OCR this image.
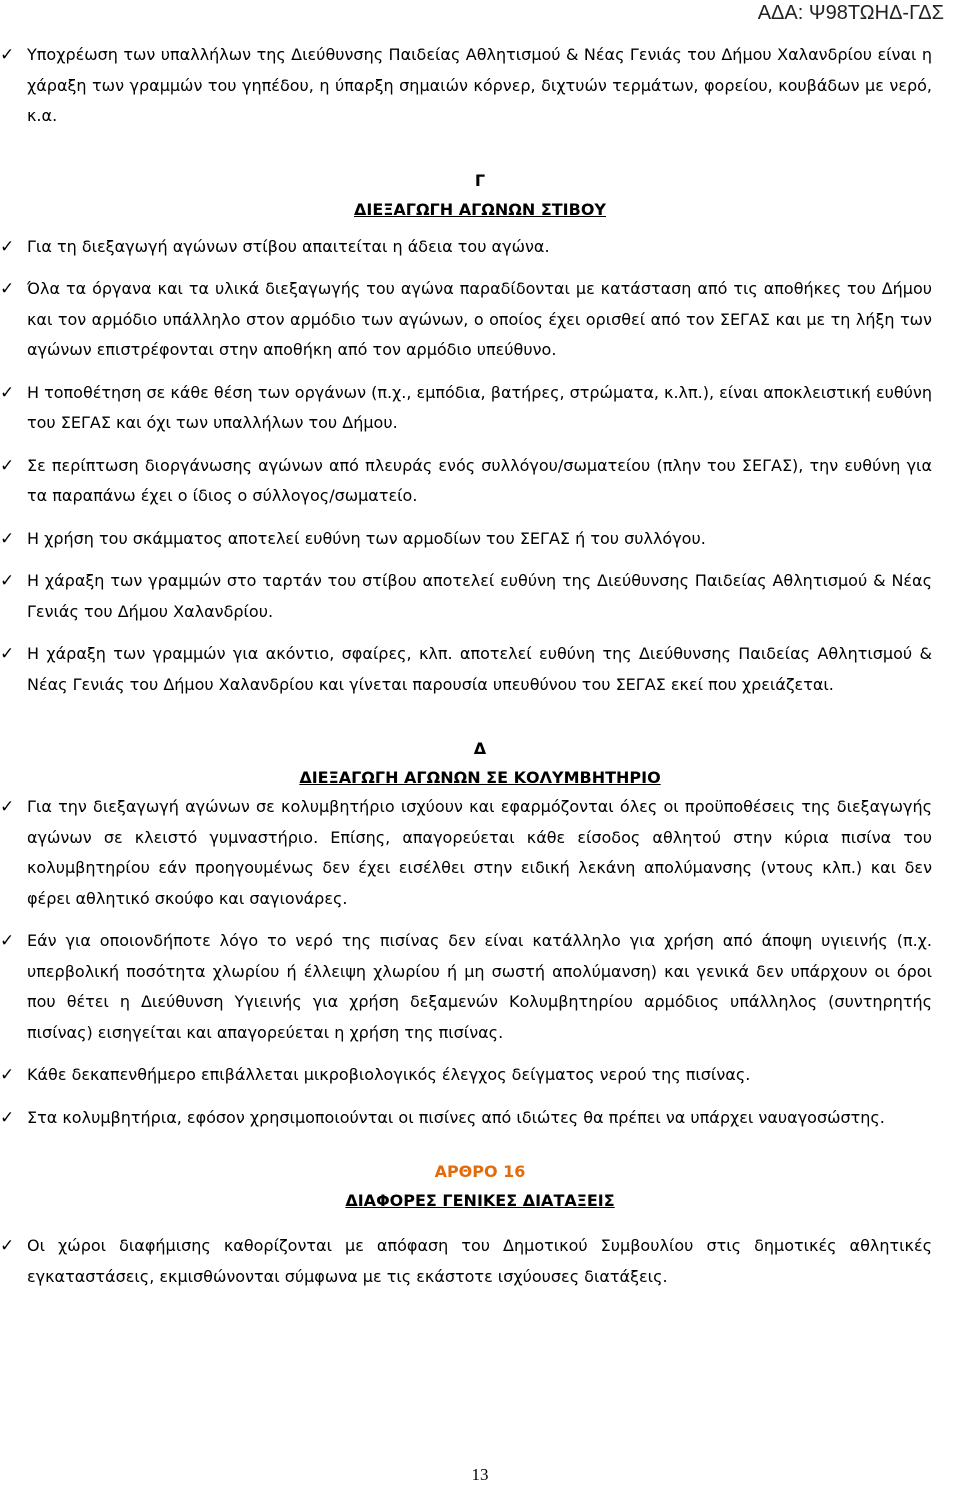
ΑΔΑ: Ψ98ΤΩΗΔ-ΓΔΣ
✓ Υποχρέωση των υπαλλήλων της Διεύθυνσης Παιδείας Αθλητισμού & Νέας Γενιάς του Δήμου Χαλανδρίου είναι η χάραξη των γραμμών του γηπέδου, η ύπαρξη σημαιών κόρνερ, διχτυών τερμάτων, φορείου, κουβάδων με νερό, κ.α.
Γ
ΔΙΕΞΑΓΩΓΗ ΑΓΩΝΩΝ ΣΤΙΒΟΥ
✓ Για τη διεξαγωγή αγώνων στίβου απαιτείται η άδεια του αγώνα.
✓ Όλα τα όργανα και τα υλικά διεξαγωγής του αγώνα παραδίδονται με κατάσταση από τις αποθήκες του Δήμου και τον αρμόδιο υπάλληλο στον αρμόδιο των αγώνων, ο οποίος έχει ορισθεί από τον ΣΕΓΑΣ και με τη λήξη των αγώνων επιστρέφονται στην αποθήκη από τον αρμόδιο υπεύθυνο.
✓ Η τοποθέτηση σε κάθε θέση των οργάνων (π.χ., εμπόδια, βατήρες, στρώματα, κ.λπ.), είναι αποκλειστική ευθύνη του ΣΕΓΑΣ και όχι των υπαλλήλων του Δήμου.
✓ Σε περίπτωση διοργάνωσης αγώνων από πλευράς ενός συλλόγου/σωματείου (πλην του ΣΕΓΑΣ), την ευθύνη για τα παραπάνω έχει ο ίδιος ο σύλλογος/σωματείο.
✓ Η χρήση του σκάμματος αποτελεί ευθύνη των αρμοδίων του ΣΕΓΑΣ ή του συλλόγου.
✓ Η χάραξη των γραμμών στο ταρτάν του στίβου αποτελεί ευθύνη της Διεύθυνσης Παιδείας Αθλητισμού & Νέας Γενιάς του Δήμου Χαλανδρίου.
✓ Η χάραξη των γραμμών για ακόντιο, σφαίρες, κλπ. αποτελεί ευθύνη της Διεύθυνσης Παιδείας Αθλητισμού & Νέας Γενιάς του Δήμου Χαλανδρίου και γίνεται παρουσία υπευθύνου του ΣΕΓΑΣ εκεί που χρειάζεται.
Δ
ΔΙΕΞΑΓΩΓΗ ΑΓΩΝΩΝ ΣΕ ΚΟΛΥΜΒΗΤΗΡΙΟ
✓ Για την διεξαγωγή αγώνων σε κολυμβητήριο ισχύουν και εφαρμόζονται όλες οι προϋποθέσεις της διεξαγωγής αγώνων σε κλειστό γυμναστήριο. Επίσης, απαγορεύεται κάθε είσοδος αθλητού στην κύρια πισίνα του κολυμβητηρίου εάν προηγουμένως δεν έχει εισέλθει στην ειδική λεκάνη απολύμανσης (ντους κλπ.) και δεν φέρει αθλητικό σκούφο και σαγιονάρες.
✓ Εάν για οποιονδήποτε λόγο το νερό της πισίνας δεν είναι κατάλληλο για χρήση από άποψη υγιεινής (π.χ. υπερβολική ποσότητα χλωρίου ή έλλειψη χλωρίου ή μη σωστή απολύμανση) και γενικά δεν υπάρχουν οι όροι που θέτει η Διεύθυνση Υγιεινής για χρήση δεξαμενών Κολυμβητηρίου αρμόδιος υπάλληλος (συντηρητής πισίνας) εισηγείται και απαγορεύεται η χρήση της πισίνας.
✓ Κάθε δεκαπενθήμερο επιβάλλεται μικροβιολογικός έλεγχος δείγματος νερού της πισίνας.
✓ Στα κολυμβητήρια, εφόσον χρησιμοποιούνται οι πισίνες από ιδιώτες θα πρέπει να υπάρχει ναυαγοσώστης.
ΑΡΘΡΟ 16
ΔΙΑΦΟΡΕΣ ΓΕΝΙΚΕΣ ΔΙΑΤΑΞΕΙΣ
✓ Οι χώροι διαφήμισης καθορίζονται με απόφαση του Δημοτικού Συμβουλίου στις δημοτικές αθλητικές εγκαταστάσεις, εκμισθώνονται σύμφωνα με τις εκάστοτε ισχύουσες διατάξεις.
13
